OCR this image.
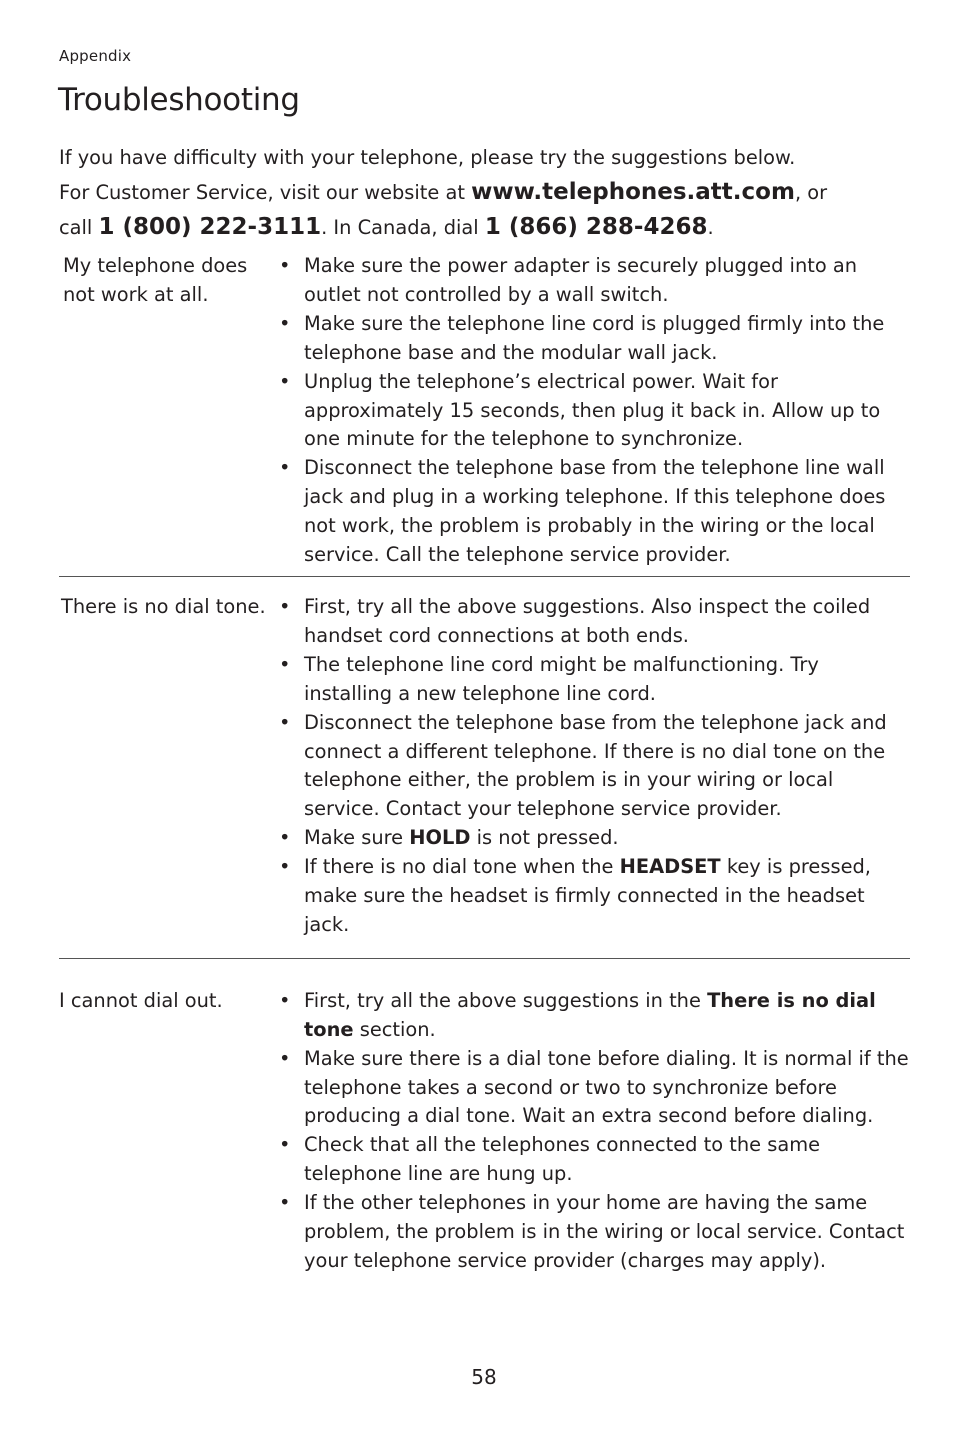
Appendix
Troubleshooting
If you have difficulty with your telephone, please try the suggestions below.
For Customer Service, visit our website at www.telephones.att.com, or
call 1 (800) 222-3111. In Canada, dial 1 (866) 288-4268.
My telephone does not work at all.
• Make sure the power adapter is securely plugged into an outlet not controlled by a wall switch.
• Make sure the telephone line cord is plugged firmly into the telephone base and the modular wall jack.
• Unplug the telephone’s electrical power. Wait for approximately 15 seconds, then plug it back in. Allow up to one minute for the telephone to synchronize.
• Disconnect the telephone base from the telephone line wall jack and plug in a working telephone. If this telephone does not work, the problem is probably in the wiring or the local service. Call the telephone service provider.
There is no dial tone.	• First, try all the above suggestions. Also inspect the coiled handset cord connections at both ends.
• The telephone line cord might be malfunctioning. Try installing a new telephone line cord.
• Disconnect the telephone base from the telephone jack and connect a different telephone. If there is no dial tone on the telephone either, the problem is in your wiring or local service. Contact your telephone service provider.
• Make sure HOLD is not pressed.
• If there is no dial tone when the HEADSET key is pressed, make sure the headset is firmly connected in the headset jack.
I cannot dial out.	• First, try all the above suggestions in the There is no dial tone section.
• Make sure there is a dial tone before dialing. It is normal if the telephone takes a second or two to synchronize before producing a dial tone. Wait an extra second before dialing.
• Check that all the telephones connected to the same telephone line are hung up.
• If the other telephones in your home are having the same problem, the problem is in the wiring or local service. Contact your telephone service provider (charges may apply).
58
